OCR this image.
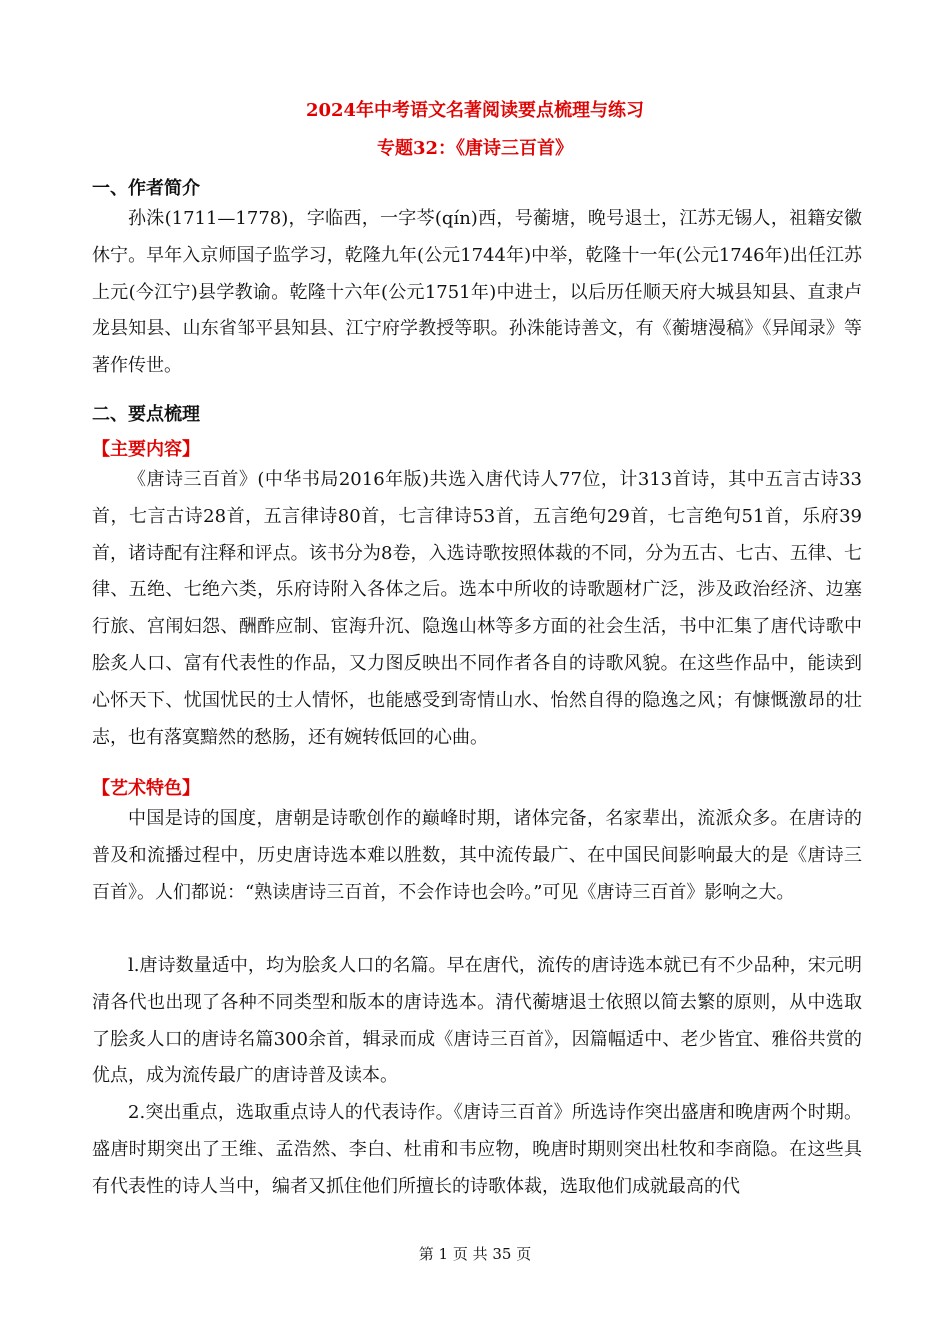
2024年中考语文名著阅读要点梳理与练习
专题32：《唐诗三百首》
一、作者简介

孙洙(1711—1778)，字临西，一字芩(qín)西，号蘅塘，晚号退士，江苏无锡人，祖籍安徽休宁。早年入京师国子监学习，乾隆九年(公元1744年)中举，乾隆十一年(公元1746年)出任江苏上元(今江宁)县学教谕。乾隆十六年(公元1751年)中进士，以后历任顺天府大城县知县、直隶卢龙县知县、山东省邹平县知县、江宁府学教授等职。孙洙能诗善文，有《蘅塘漫稿》《异闻录》等著作传世。

二、要点梳理
【主要内容】

《唐诗三百首》(中华书局2016年版)共选入唐代诗人77位，计313首诗，其中五言古诗33首，七言古诗28首，五言律诗80首，七言律诗53首，五言绝句29首，七言绝句51首，乐府39首，诸诗配有注释和评点。该书分为8卷，入选诗歌按照体裁的不同，分为五古、七古、五律、七律、五绝、七绝六类，乐府诗附入各体之后。选本中所收的诗歌题材广泛，涉及政治经济、边塞行旅、宫闱妇怨、酬酢应制、宦海升沉、隐逸山林等多方面的社会生活，书中汇集了唐代诗歌中脍炙人口、富有代表性的作品，又力图反映出不同作者各自的诗歌风貌。在这些作品中，能读到心怀天下、忧国忧民的士人情怀，也能感受到寄情山水、怡然自得的隐逸之风；有慷慨激昂的壮志，也有落寞黯然的愁肠，还有婉转低回的心曲。

【艺术特色】

中国是诗的国度，唐朝是诗歌创作的巅峰时期，诸体完备，名家辈出，流派众多。在唐诗的普及和流播过程中，历史唐诗选本难以胜数，其中流传最广、在中国民间影响最大的是《唐诗三百首》。人们都说：“熟读唐诗三百首，不会作诗也会吟。”可见《唐诗三百首》影响之大。

l.唐诗数量适中，均为脍炙人口的名篇。早在唐代，流传的唐诗选本就已有不少品种，宋元明清各代也出现了各种不同类型和版本的唐诗选本。清代蘅塘退士依照以简去繁的原则，从中选取了脍炙人口的唐诗名篇300余首，辑录而成《唐诗三百首》，因篇幅适中、老少皆宜、雅俗共赏的优点，成为流传最广的唐诗普及读本。

2.突出重点，选取重点诗人的代表诗作。《唐诗三百首》所选诗作突出盛唐和晚唐两个时期。盛唐时期突出了王维、孟浩然、李白、杜甫和韦应物，晚唐时期则突出杜牧和李商隐。在这些具有代表性的诗人当中，编者又抓住他们所擅长的诗歌体裁，选取他们成就最高的代

第 1 页 共 35 页
